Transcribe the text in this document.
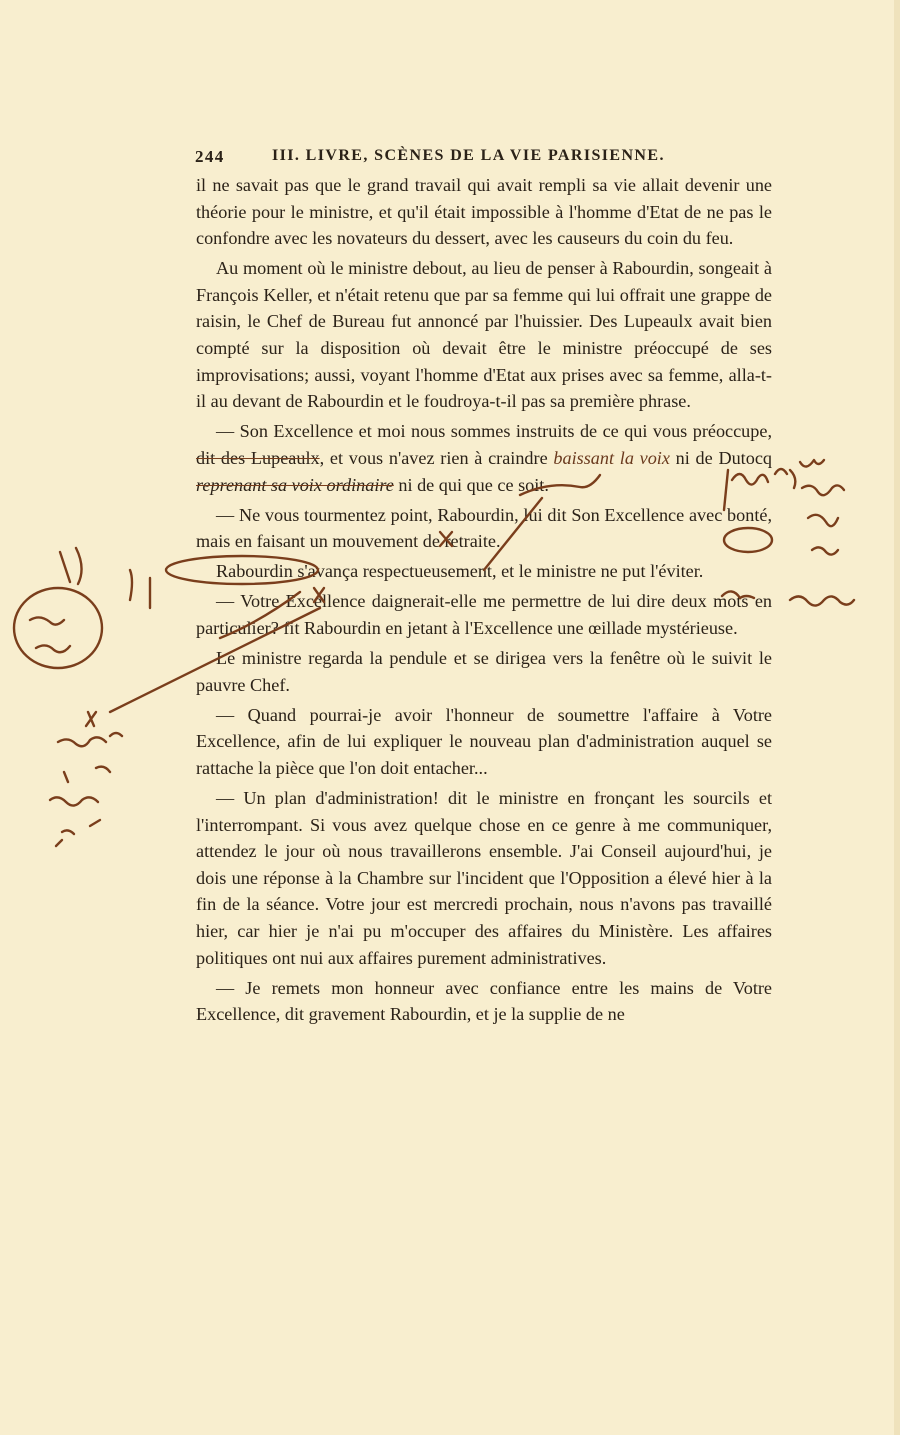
244	III. LIVRE, SCÈNES DE LA VIE PARISIENNE.

il ne savait pas que le grand travail qui avait rempli sa vie allait devenir une théorie pour le ministre, et qu'il était impossible à l'homme d'Etat de ne pas le confondre avec les novateurs du dessert, avec les causeurs du coin du feu.

Au moment où le ministre debout, au lieu de penser à Rabourdin, songeait à François Keller, et n'était retenu que par sa femme qui lui offrait une grappe de raisin, le Chef de Bureau fut annoncé par l'huissier. Des Lupeaulx avait bien compté sur la disposition où devait être le ministre préoccupé de ses improvisations; aussi, voyant l'homme d'Etat aux prises avec sa femme, alla-t-il au devant de Rabourdin et le foudroya-t-il pas sa première phrase.

— Son Excellence et moi nous sommes instruits de ce qui vous préoccupe, dit des Lupeaulx, et vous n'avez rien à craindre baissant la voix ni de Dutocq reprenant sa voix ordinaire ni de qui que ce soit.

— Ne vous tourmentez point, Rabourdin, lui dit Son Excellence avec bonté, mais en faisant un mouvement de retraite.

Rabourdin s'avança respectueusement, et le ministre ne put l'éviter.

— Votre Excellence daignerait-elle me permettre de lui dire deux mots en particulier? fit Rabourdin en jetant à l'Excellence une œillade mystérieuse.

Le ministre regarda la pendule et se dirigea vers la fenêtre où le suivit le pauvre Chef.

— Quand pourrai-je avoir l'honneur de soumettre l'affaire à Votre Excellence, afin de lui expliquer le nouveau plan d'administration auquel se rattache la pièce que l'on doit entacher...

— Un plan d'administration! dit le ministre en fronçant les sourcils et l'interrompant. Si vous avez quelque chose en ce genre à me communiquer, attendez le jour où nous travaillerons ensemble. J'ai Conseil aujourd'hui, je dois une réponse à la Chambre sur l'incident que l'Opposition a élevé hier à la fin de la séance. Votre jour est mercredi prochain, nous n'avons pas travaillé hier, car hier je n'ai pu m'occuper des affaires du Ministère. Les affaires politiques ont nui aux affaires purement administratives.

— Je remets mon honneur avec confiance entre les mains de Votre Excellence, dit gravement Rabourdin, et je la supplie de ne
